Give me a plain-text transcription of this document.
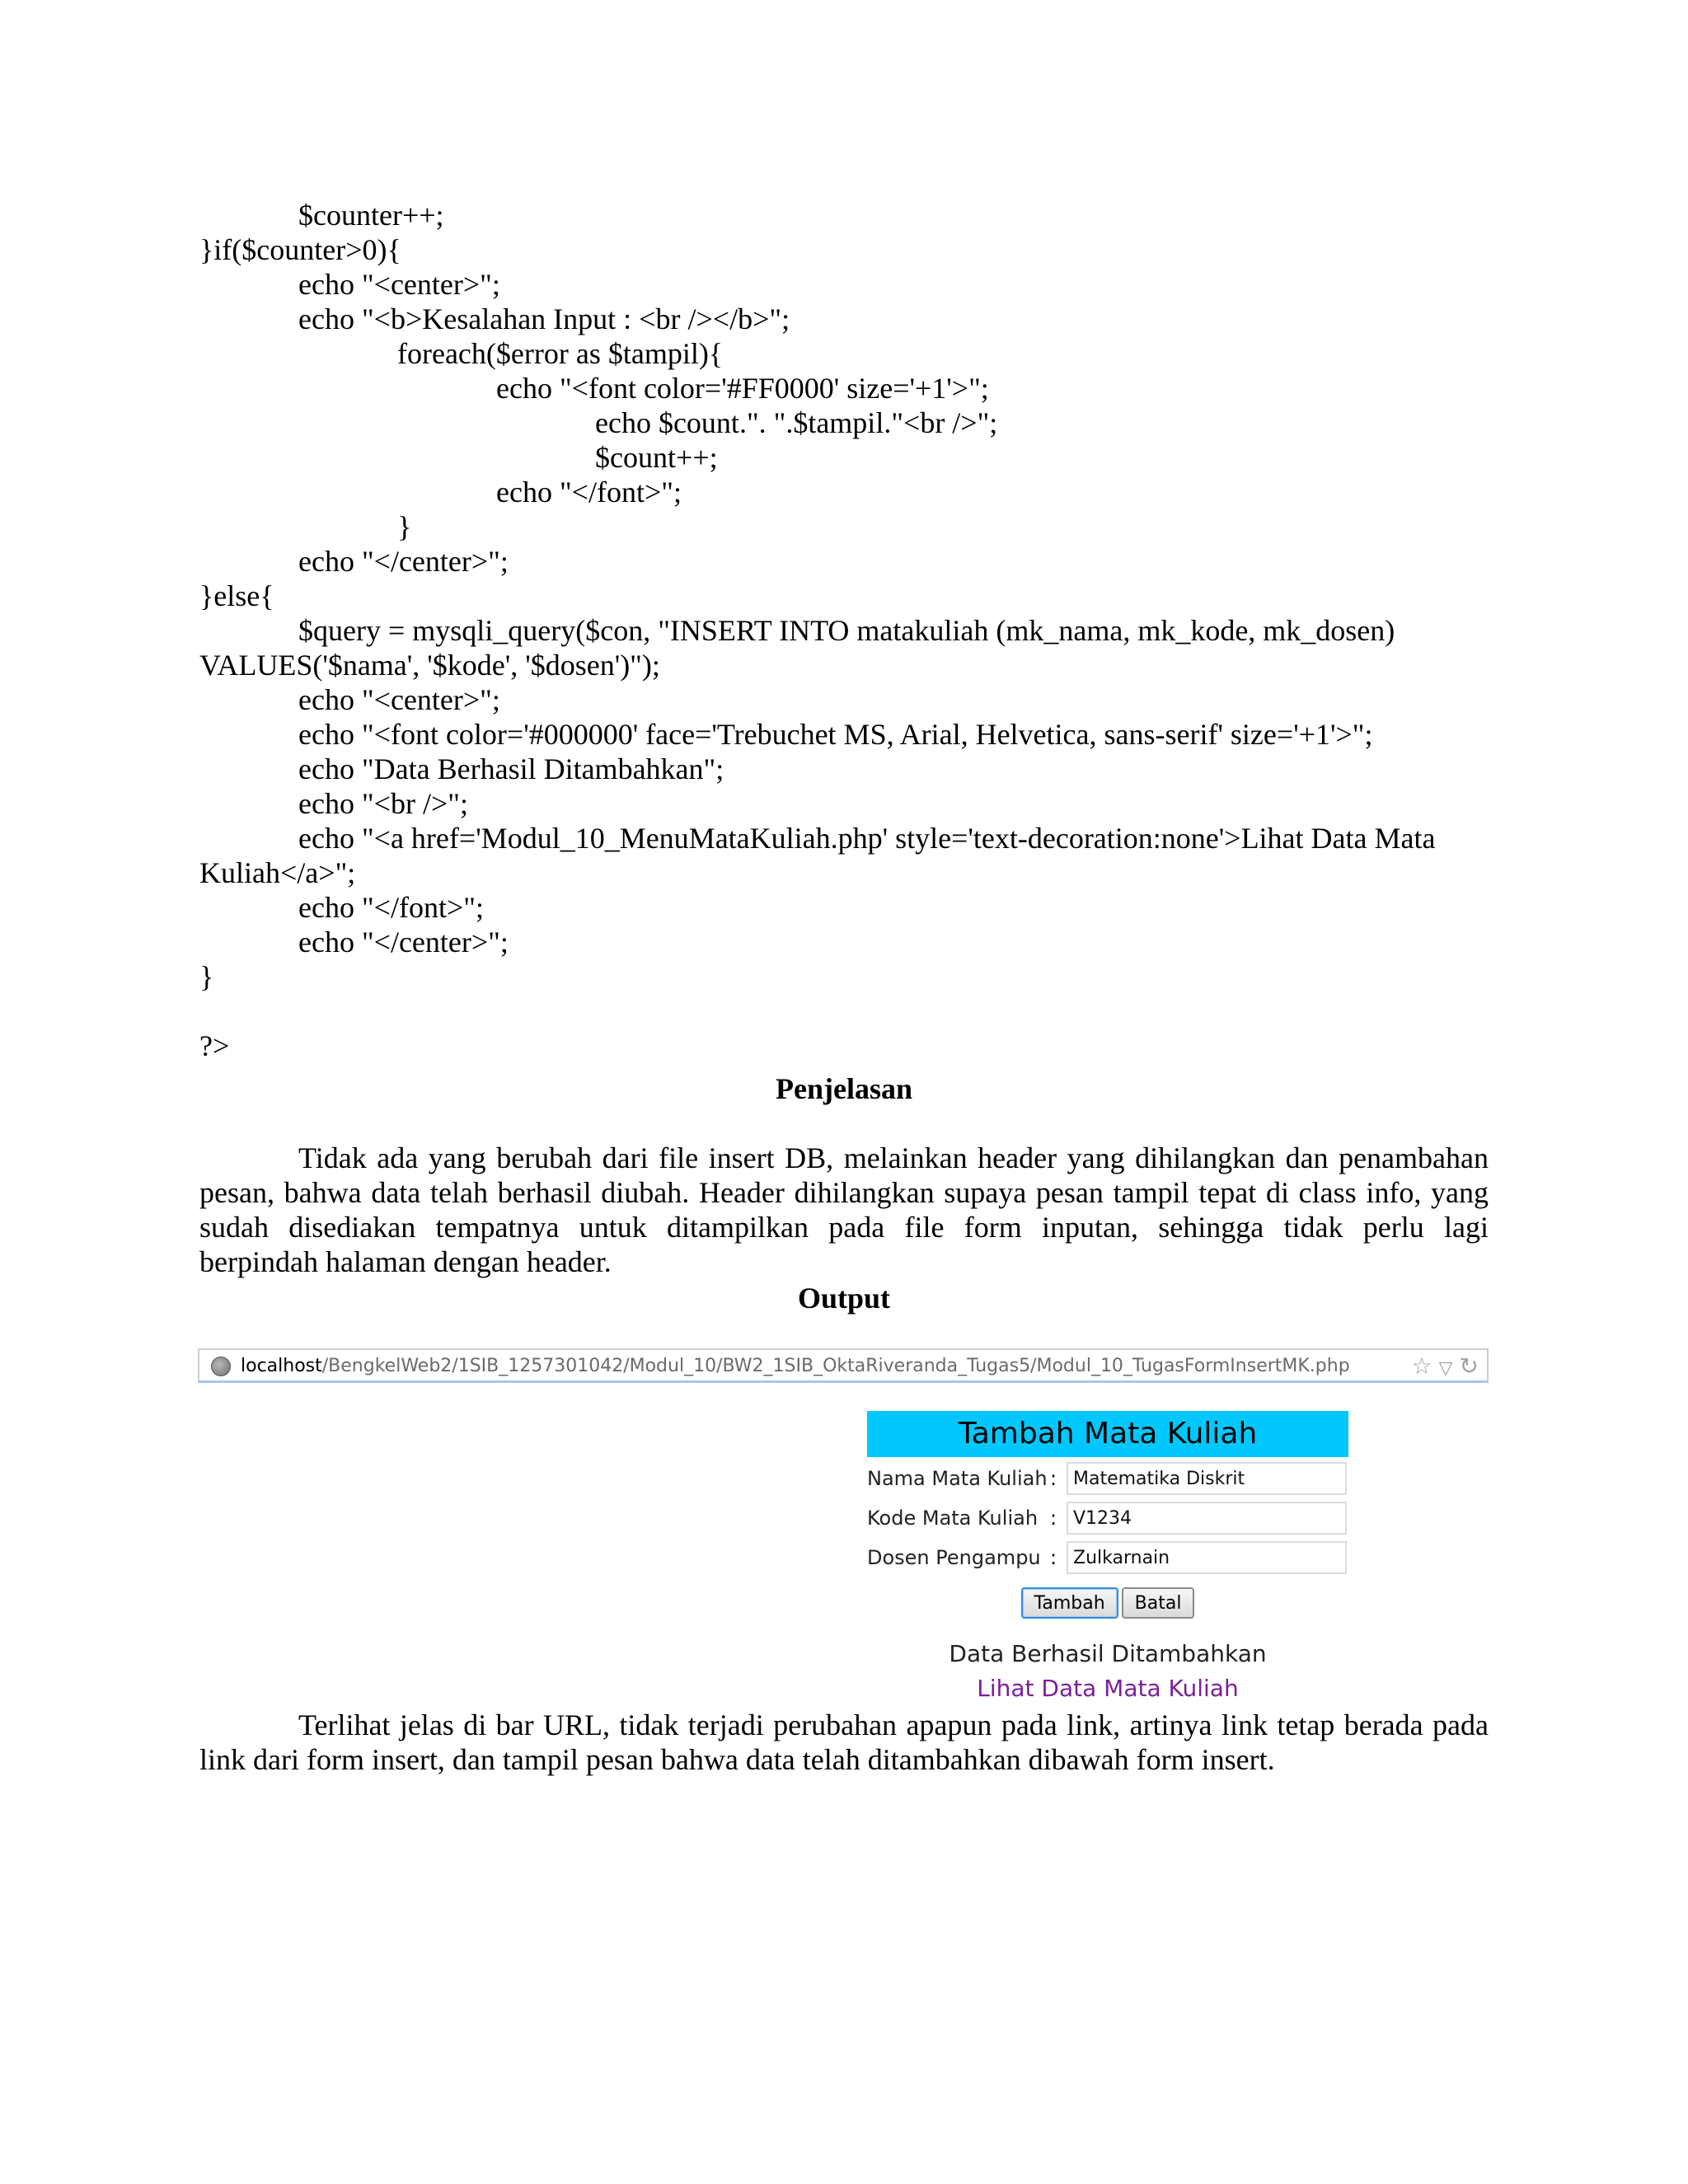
$counter++;
}if($counter>0){
echo "<center>";
echo "<b>Kesalahan Input : <br /></b>";
foreach($error as $tampil){
echo "<font color='#FF0000' size='+1'>";
echo $count.". ".$tampil."<br />";
$count++;
echo "</font>";
}
echo "</center>";
}else{
$query = mysqli_query($con, "INSERT INTO matakuliah (mk_nama, mk_kode, mk_dosen)
VALUES('$nama', '$kode', '$dosen')");
echo "<center>";
echo "<font color='#000000' face='Trebuchet MS, Arial, Helvetica, sans-serif' size='+1'>";
echo "Data Berhasil Ditambahkan";
echo "<br />";
echo "<a href='Modul_10_MenuMataKuliah.php' style='text-decoration:none'>Lihat Data Mata
Kuliah</a>";
echo "</font>";
echo "</center>";
}
?>
Penjelasan
Tidak ada yang berubah dari file insert DB, melainkan header yang dihilangkan dan penambahan
pesan, bahwa data telah berhasil diubah. Header dihilangkan supaya pesan tampil tepat di class info, yang
sudah disediakan tempatnya untuk ditampilkan pada file form inputan, sehingga tidak perlu lagi
berpindah halaman dengan header.
Output
localhost/BengkelWeb2/1SIB_1257301042/Modul_10/BW2_1SIB_OktaRiveranda_Tugas5/Modul_10_TugasFormInsertMK.php	☆ ▽ ↻
Tambah Mata Kuliah
Nama Mata Kuliah : Matematika Diskrit
Kode Mata Kuliah : V1234
Dosen Pengampu : Zulkarnain
Tambah Batal
Data Berhasil Ditambahkan
Lihat Data Mata Kuliah
Terlihat jelas di bar URL, tidak terjadi perubahan apapun pada link, artinya link tetap berada pada
link dari form insert, dan tampil pesan bahwa data telah ditambahkan dibawah form insert.
